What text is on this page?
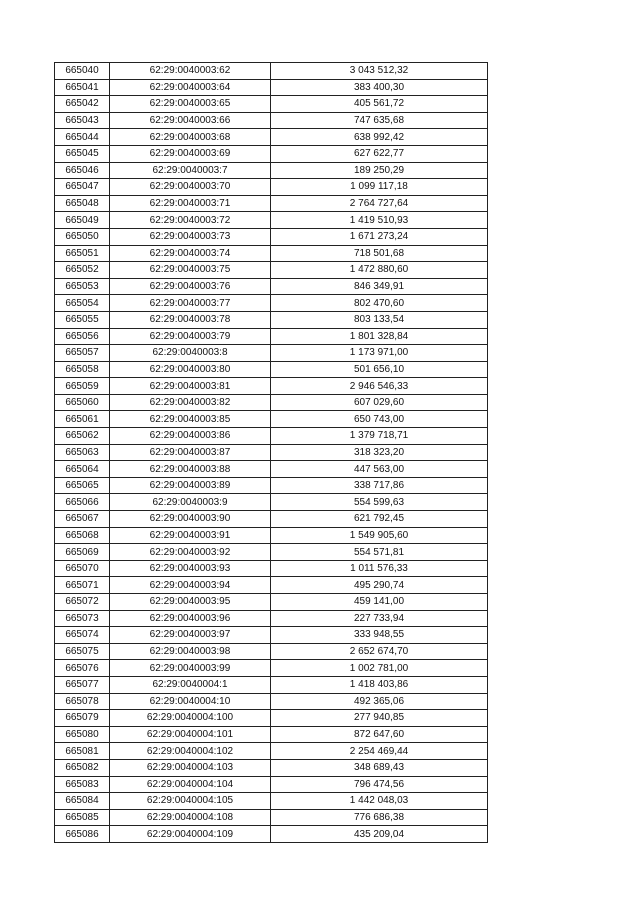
665040	62:29:0040003:62	3 043 512,32
665041	62:29:0040003:64	383 400,30
665042	62:29:0040003:65	405 561,72
665043	62:29:0040003:66	747 635,68
665044	62:29:0040003:68	638 992,42
665045	62:29:0040003:69	627 622,77
665046	62:29:0040003:7	189 250,29
665047	62:29:0040003:70	1 099 117,18
665048	62:29:0040003:71	2 764 727,64
665049	62:29:0040003:72	1 419 510,93
665050	62:29:0040003:73	1 671 273,24
665051	62:29:0040003:74	718 501,68
665052	62:29:0040003:75	1 472 880,60
665053	62:29:0040003:76	846 349,91
665054	62:29:0040003:77	802 470,60
665055	62:29:0040003:78	803 133,54
665056	62:29:0040003:79	1 801 328,84
665057	62:29:0040003:8	1 173 971,00
665058	62:29:0040003:80	501 656,10
665059	62:29:0040003:81	2 946 546,33
665060	62:29:0040003:82	607 029,60
665061	62:29:0040003:85	650 743,00
665062	62:29:0040003:86	1 379 718,71
665063	62:29:0040003:87	318 323,20
665064	62:29:0040003:88	447 563,00
665065	62:29:0040003:89	338 717,86
665066	62:29:0040003:9	554 599,63
665067	62:29:0040003:90	621 792,45
665068	62:29:0040003:91	1 549 905,60
665069	62:29:0040003:92	554 571,81
665070	62:29:0040003:93	1 011 576,33
665071	62:29:0040003:94	495 290,74
665072	62:29:0040003:95	459 141,00
665073	62:29:0040003:96	227 733,94
665074	62:29:0040003:97	333 948,55
665075	62:29:0040003:98	2 652 674,70
665076	62:29:0040003:99	1 002 781,00
665077	62:29:0040004:1	1 418 403,86
665078	62:29:0040004:10	492 365,06
665079	62:29:0040004:100	277 940,85
665080	62:29:0040004:101	872 647,60
665081	62:29:0040004:102	2 254 469,44
665082	62:29:0040004:103	348 689,43
665083	62:29:0040004:104	796 474,56
665084	62:29:0040004:105	1 442 048,03
665085	62:29:0040004:108	776 686,38
665086	62:29:0040004:109	435 209,04
